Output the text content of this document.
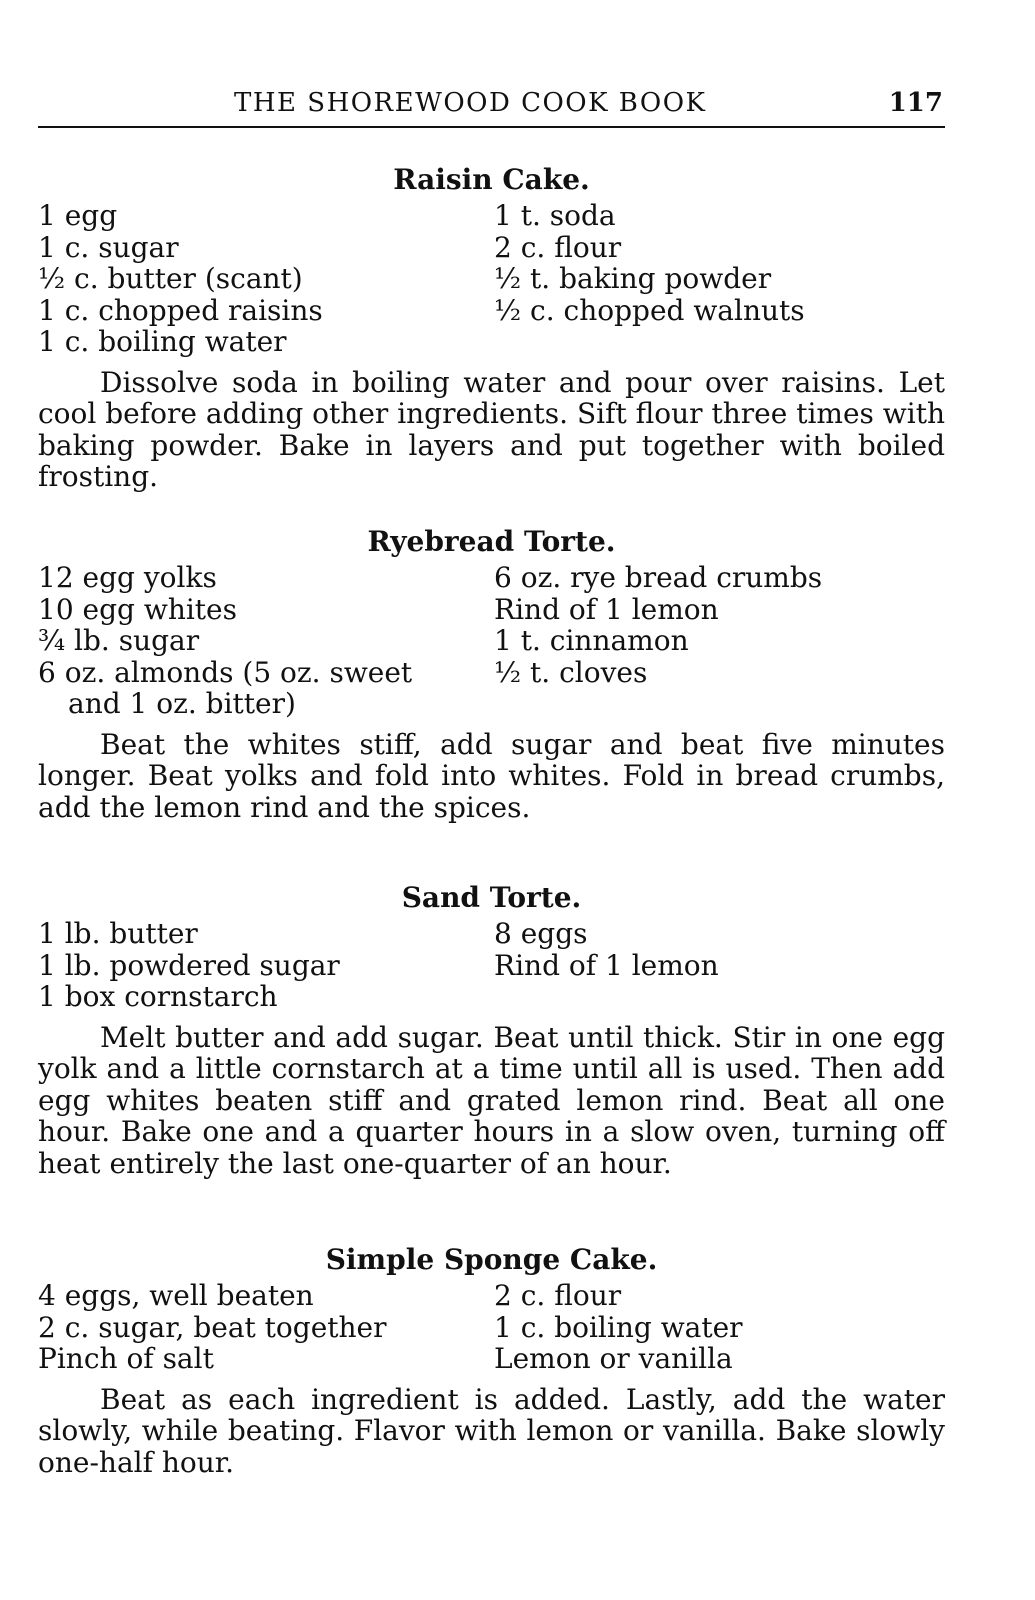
THE SHOREWOOD COOK BOOK	117
Raisin Cake.
1 egg
1 c. sugar
½ c. butter (scant)
1 c. chopped raisins
1 c. boiling water
1 t. soda
2 c. flour
½ t. baking powder
½ c. chopped walnuts
Dissolve soda in boiling water and pour over raisins. Let cool before adding other ingredients. Sift flour three times with baking powder. Bake in layers and put together with boiled frosting.
Ryebread Torte.
12 egg yolks
10 egg whites
¾ lb. sugar
6 oz. almonds (5 oz. sweet
and 1 oz. bitter)
6 oz. rye bread crumbs
Rind of 1 lemon
1 t. cinnamon
½ t. cloves
Beat the whites stiff, add sugar and beat five minutes longer. Beat yolks and fold into whites. Fold in bread crumbs, add the lemon rind and the spices.
Sand Torte.
1 lb. butter
1 lb. powdered sugar
1 box cornstarch
8 eggs
Rind of 1 lemon
Melt butter and add sugar. Beat until thick. Stir in one egg yolk and a little cornstarch at a time until all is used. Then add egg whites beaten stiff and grated lemon rind. Beat all one hour. Bake one and a quarter hours in a slow oven, turning off heat entirely the last one-quarter of an hour.
Simple Sponge Cake.
4 eggs, well beaten
2 c. sugar, beat together
Pinch of salt
2 c. flour
1 c. boiling water
Lemon or vanilla
Beat as each ingredient is added. Lastly, add the water slowly, while beating. Flavor with lemon or vanilla. Bake slowly one-half hour.
